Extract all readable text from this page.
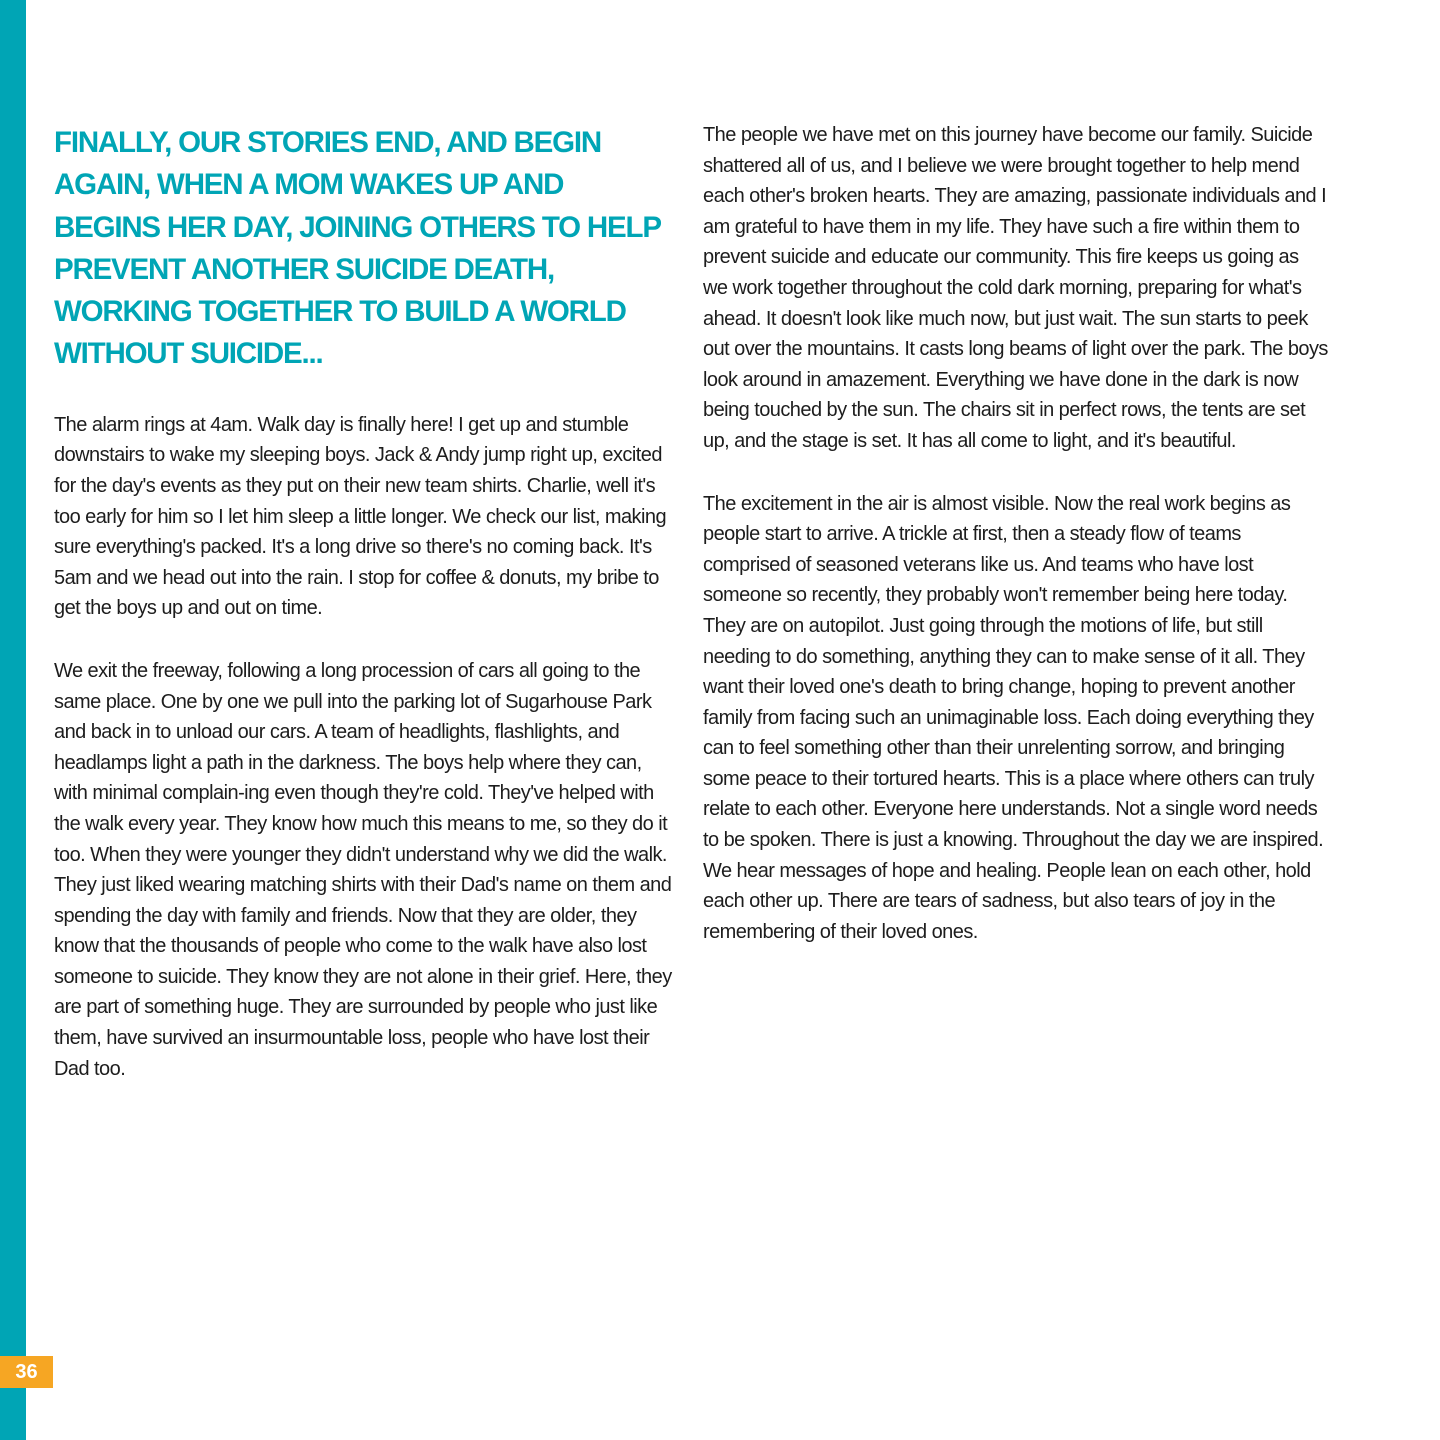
36
FINALLY, OUR STORIES END, AND BEGIN AGAIN, WHEN A MOM WAKES UP AND BEGINS HER DAY, JOINING OTHERS TO HELP PREVENT ANOTHER SUICIDE DEATH, WORKING TOGETHER TO BUILD A WORLD WITHOUT SUICIDE...

The alarm rings at 4am. Walk day is finally here! I get up and stumble downstairs to wake my sleeping boys. Jack & Andy jump right up, excited for the day's events as they put on their new team shirts. Charlie, well it's too early for him so I let him sleep a little longer. We check our list, making sure everything's packed. It's a long drive so there's no coming back. It's 5am and we head out into the rain. I stop for coffee & donuts, my bribe to get the boys up and out on time.

We exit the freeway, following a long procession of cars all going to the same place. One by one we pull into the parking lot of Sugarhouse Park and back in to unload our cars. A team of headlights, flashlights, and headlamps light a path in the darkness. The boys help where they can, with minimal complain-ing even though they're cold. They've helped with the walk every year. They know how much this means to me, so they do it too. When they were younger they didn't understand why we did the walk. They just liked wearing matching shirts with their Dad's name on them and spending the day with family and friends. Now that they are older, they know that the thousands of people who come to the walk have also lost someone to suicide. They know they are not alone in their grief. Here, they are part of something huge. They are surrounded by people who just like them, have survived an insurmountable loss, people who have lost their Dad too.

The people we have met on this journey have become our family. Suicide shattered all of us, and I believe we were brought together to help mend each other's broken hearts. They are amazing, passionate individuals and I am grateful to have them in my life. They have such a fire within them to prevent suicide and educate our community. This fire keeps us going as we work together throughout the cold dark morning, preparing for what's ahead. It doesn't look like much now, but just wait. The sun starts to peek out over the mountains. It casts long beams of light over the park. The boys look around in amazement. Everything we have done in the dark is now being touched by the sun. The chairs sit in perfect rows, the tents are set up, and the stage is set. It has all come to light, and it's beautiful.

The excitement in the air is almost visible. Now the real work begins as people start to arrive. A trickle at first, then a steady flow of teams comprised of seasoned veterans like us. And teams who have lost someone so recently, they probably won't remember being here today. They are on autopilot. Just going through the motions of life, but still needing to do something, anything they can to make sense of it all. They want their loved one's death to bring change, hoping to prevent another family from facing such an unimaginable loss. Each doing everything they can to feel something other than their unrelenting sorrow, and bringing some peace to their tortured hearts. This is a place where others can truly relate to each other. Everyone here understands. Not a single word needs to be spoken. There is just a knowing. Throughout the day we are inspired. We hear messages of hope and healing. People lean on each other, hold each other up. There are tears of sadness, but also tears of joy in the remembering of their loved ones.
